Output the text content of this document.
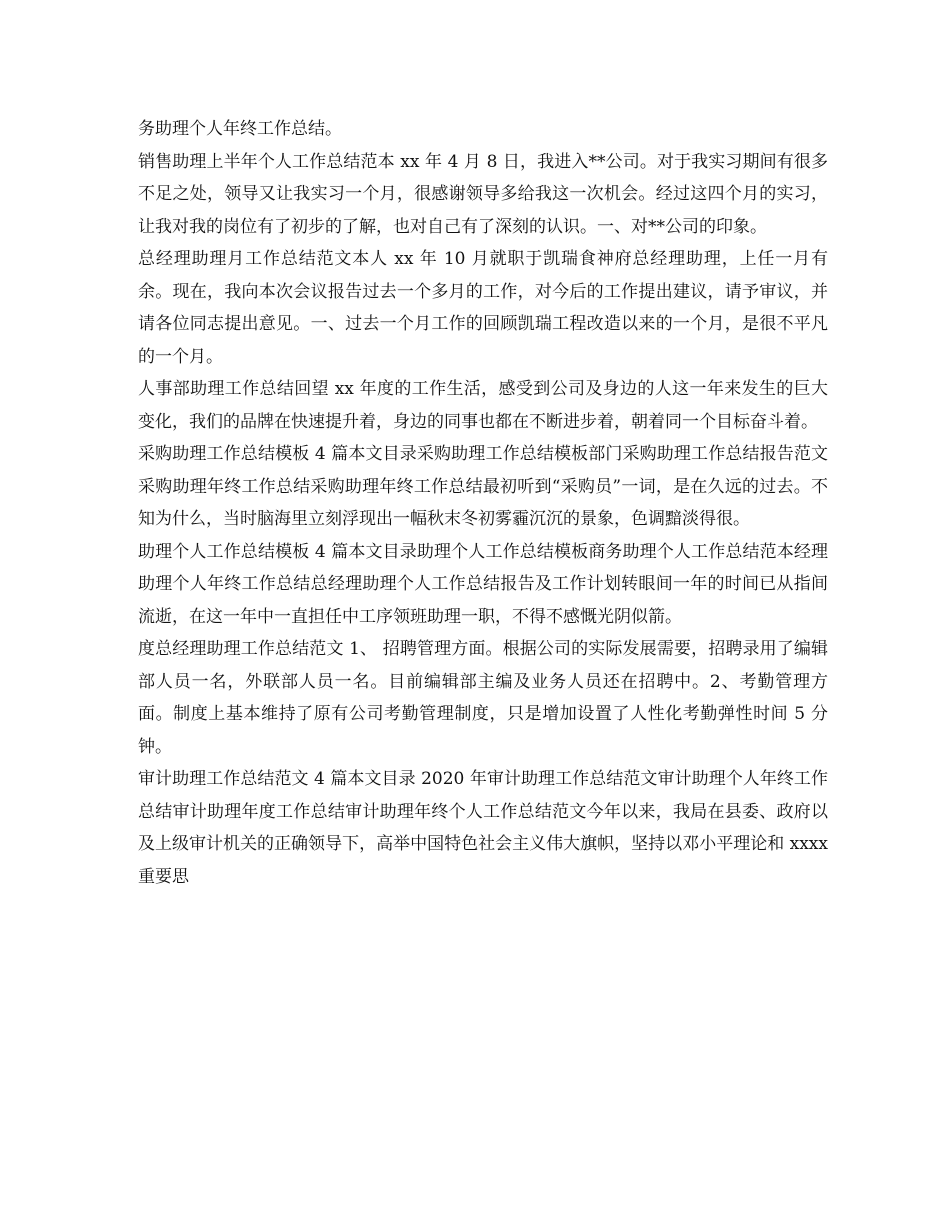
务助理个人年终工作总结。

销售助理上半年个人工作总结范本 xx 年 4 月 8 日，我进入**公司。对于我实习期间有很多不足之处，领导又让我实习一个月，很感谢领导多给我这一次机会。经过这四个月的实习，让我对我的岗位有了初步的了解，也对自己有了深刻的认识。一、对**公司的印象。

总经理助理月工作总结范文本人 xx 年 10 月就职于凯瑞食神府总经理助理，上任一月有余。现在，我向本次会议报告过去一个多月的工作，对今后的工作提出建议，请予审议，并请各位同志提出意见。一、过去一个月工作的回顾凯瑞工程改造以来的一个月，是很不平凡的一个月。

人事部助理工作总结回望 xx 年度的工作生活，感受到公司及身边的人这一年来发生的巨大变化，我们的品牌在快速提升着，身边的同事也都在不断进步着，朝着同一个目标奋斗着。

采购助理工作总结模板 4 篇本文目录采购助理工作总结模板部门采购助理工作总结报告范文采购助理年终工作总结采购助理年终工作总结最初听到“采购员”一词，是在久远的过去。不知为什么，当时脑海里立刻浮现出一幅秋末冬初雾霾沉沉的景象，色调黯淡得很。

助理个人工作总结模板 4 篇本文目录助理个人工作总结模板商务助理个人工作总结范本经理助理个人年终工作总结总经理助理个人工作总结报告及工作计划转眼间一年的时间已从指间流逝，在这一年中一直担任中工序领班助理一职，不得不感慨光阴似箭。

度总经理助理工作总结范文 1、 招聘管理方面。根据公司的实际发展需要，招聘录用了编辑部人员一名，外联部人员一名。目前编辑部主编及业务人员还在招聘中。2、考勤管理方面。制度上基本维持了原有公司考勤管理制度，只是增加设置了人性化考勤弹性时间 5 分钟。

审计助理工作总结范文 4 篇本文目录 2020 年审计助理工作总结范文审计助理个人年终工作总结审计助理年度工作总结审计助理年终个人工作总结范文今年以来，我局在县委、政府以及上级审计机关的正确领导下，高举中国特色社会主义伟大旗帜，坚持以邓小平理论和 xxxx 重要思
